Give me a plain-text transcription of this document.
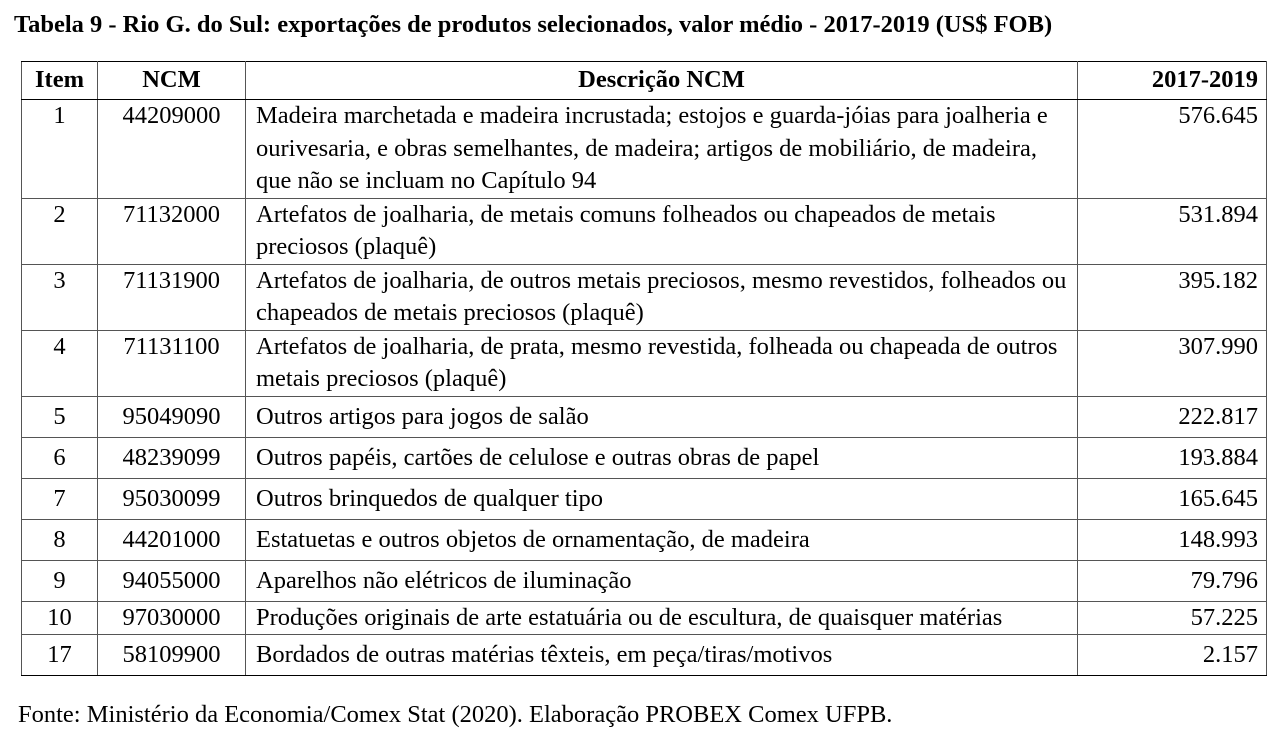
Tabela 9 - Rio G. do Sul: exportações de produtos selecionados, valor médio - 2017-2019 (US$ FOB)
Item	NCM	Descrição NCM	2017-2019
1	44209000	Madeira marchetada e madeira incrustada; estojos e guarda-jóias para joalheria e ourivesaria, e obras semelhantes, de madeira; artigos de mobiliário, de madeira, que não se incluam no Capítulo 94	576.645
2	71132000	Artefatos de joalharia, de metais comuns folheados ou chapeados de metais preciosos (plaquê)	531.894
3	71131900	Artefatos de joalharia, de outros metais preciosos, mesmo revestidos, folheados ou chapeados de metais preciosos (plaquê)	395.182
4	71131100	Artefatos de joalharia, de prata, mesmo revestida, folheada ou chapeada de outros metais preciosos (plaquê)	307.990
5	95049090	Outros artigos para jogos de salão	222.817
6	48239099	Outros papéis, cartões de celulose e outras obras de papel	193.884
7	95030099	Outros brinquedos de qualquer tipo	165.645
8	44201000	Estatuetas e outros objetos de ornamentação, de madeira	148.993
9	94055000	Aparelhos não elétricos de iluminação	79.796
10	97030000	Produções originais de arte estatuária ou de escultura, de quaisquer matérias	57.225
17	58109900	Bordados de outras matérias têxteis, em peça/tiras/motivos	2.157
Fonte: Ministério da Economia/Comex Stat (2020). Elaboração PROBEX Comex UFPB.
